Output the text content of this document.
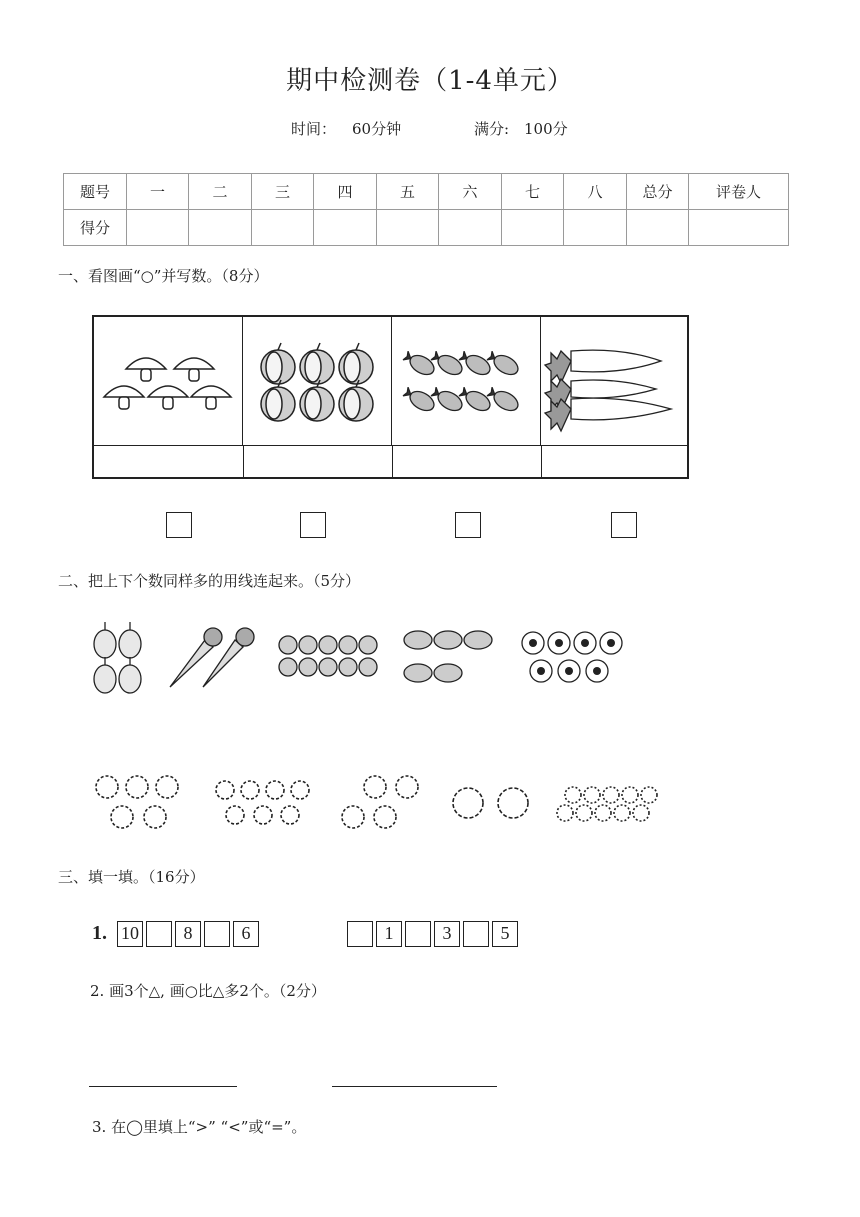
期中检测卷（1-4单元）
时间： 60分钟	满分: 100分
题号	一	二	三	四	五	六	七	八	总分	评卷人
得分										
一、看图画“○”并写数。（8分）
二、把上下个数同样多的用线连起来。（5分）
三、填一填。（16分）
1. 10 8	6	1	3	5
2. 画3个△, 画○比△多2个。（2分）
3. 在◯里填上“>” “<”或“=”。
